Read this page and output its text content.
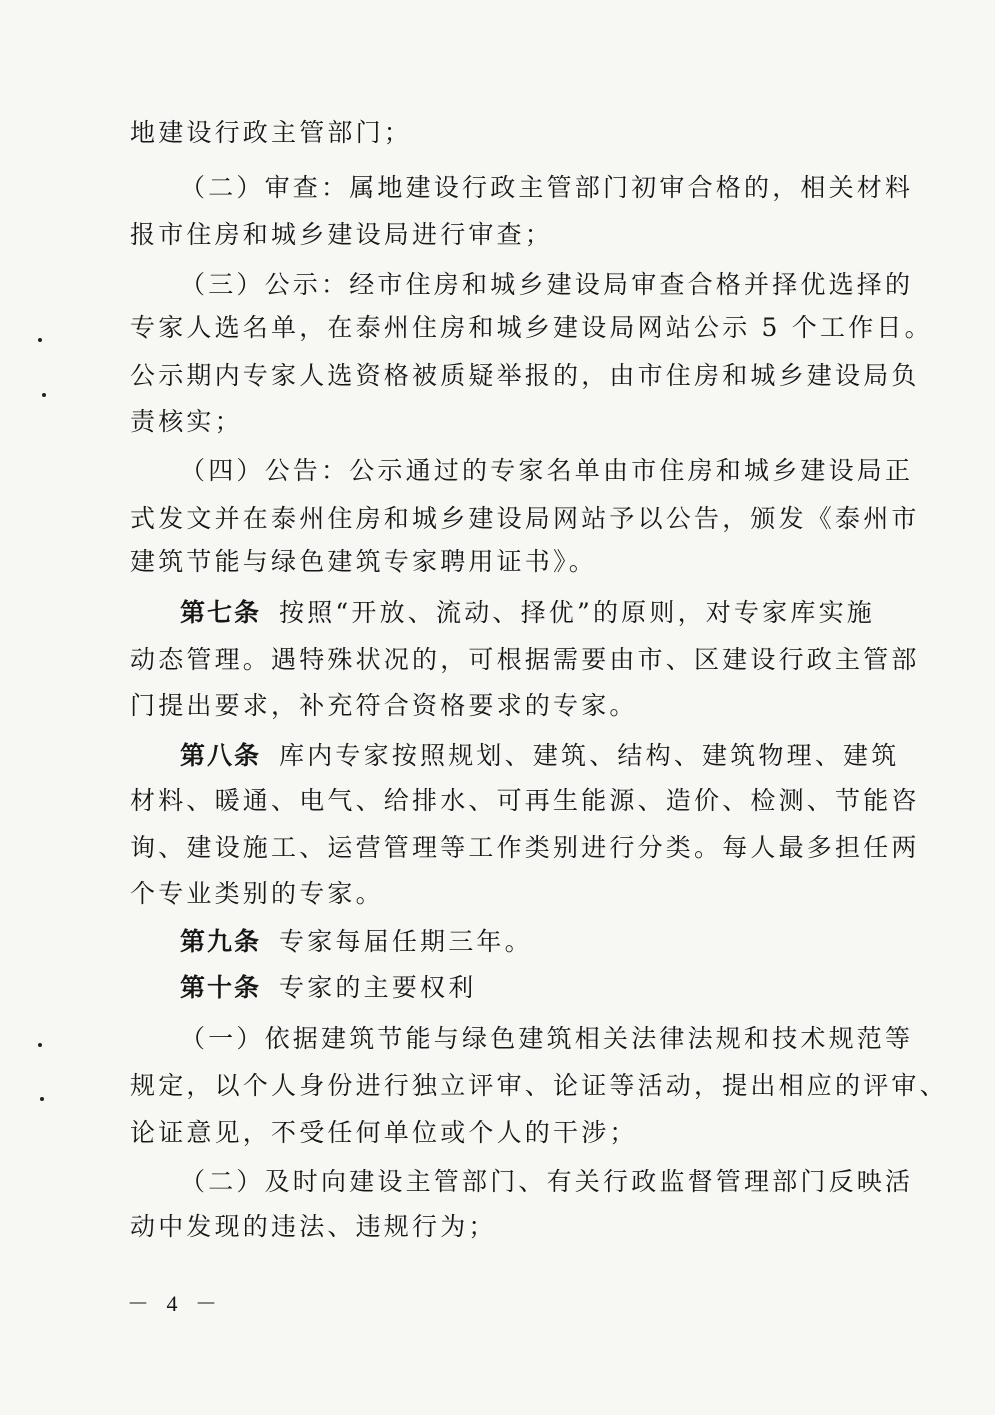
地建设行政主管部门；
（二）审查：属地建设行政主管部门初审合格的，相关材料
报市住房和城乡建设局进行审查；
（三）公示：经市住房和城乡建设局审查合格并择优选择的
专家人选名单，在泰州住房和城乡建设局网站公示 5 个工作日。
公示期内专家人选资格被质疑举报的，由市住房和城乡建设局负
责核实；
（四）公告：公示通过的专家名单由市住房和城乡建设局正
式发文并在泰州住房和城乡建设局网站予以公告，颁发《泰州市
建筑节能与绿色建筑专家聘用证书》。
第七条 按照“开放、流动、择优”的原则，对专家库实施
动态管理。遇特殊状况的，可根据需要由市、区建设行政主管部
门提出要求，补充符合资格要求的专家。
第八条 库内专家按照规划、建筑、结构、建筑物理、建筑
材料、暖通、电气、给排水、可再生能源、造价、检测、节能咨
询、建设施工、运营管理等工作类别进行分类。每人最多担任两
个专业类别的专家。
第九条 专家每届任期三年。
第十条 专家的主要权利
（一）依据建筑节能与绿色建筑相关法律法规和技术规范等
规定，以个人身份进行独立评审、论证等活动，提出相应的评审、
论证意见，不受任何单位或个人的干涉；
（二）及时向建设主管部门、有关行政监督管理部门反映活
动中发现的违法、违规行为；
－ 4 －
